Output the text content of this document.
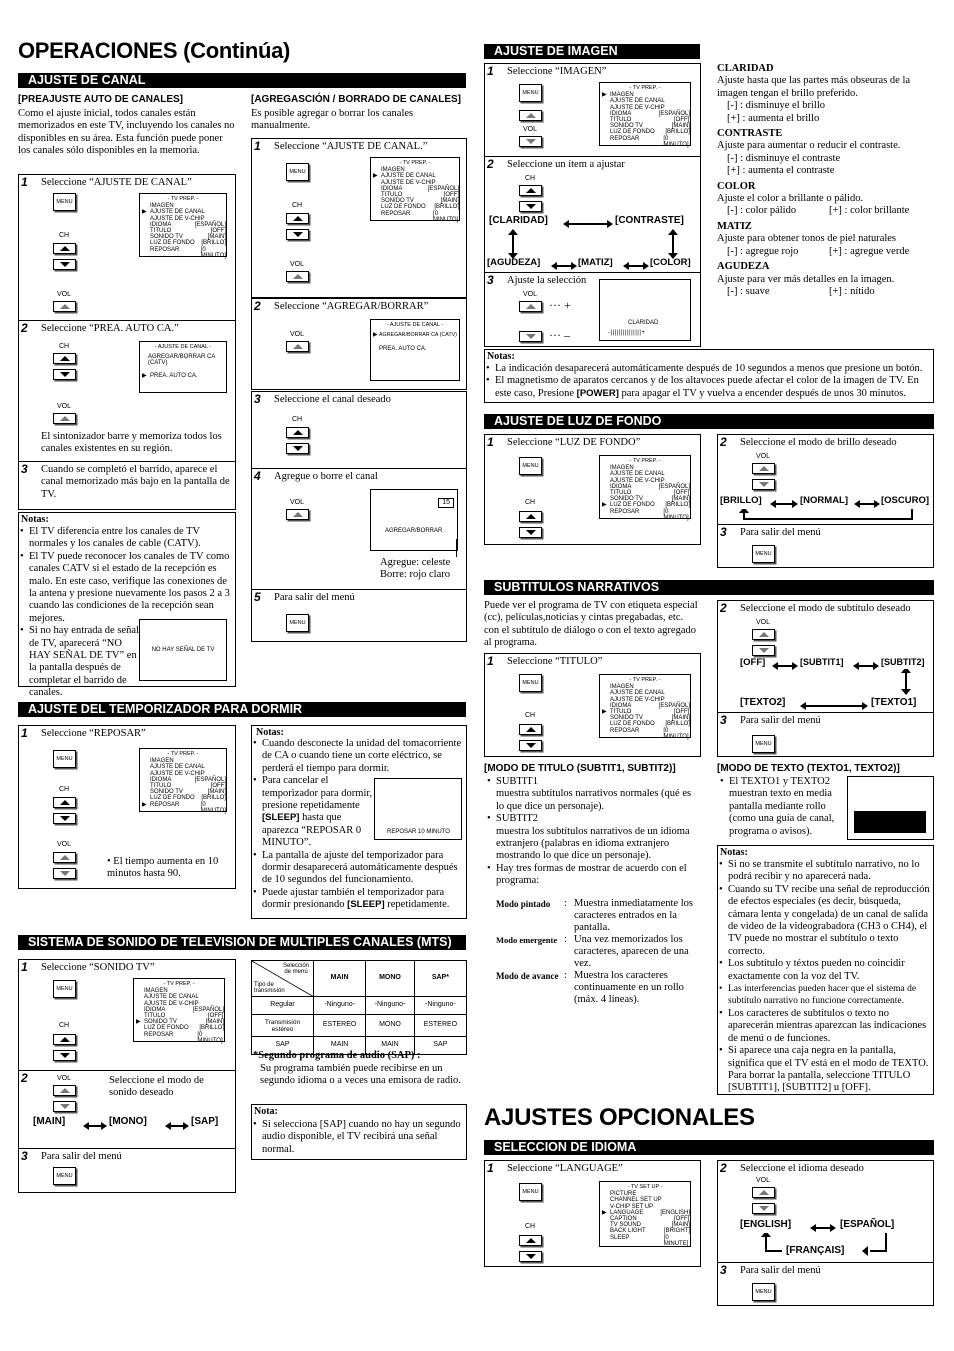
OPERACIONES (Continúa)
AJUSTES OPCIONALES
AJUSTE DE CANAL
[PREAJUSTE AUTO DE CANALES]
Como el ajuste inicial, todos canales están memorizados en este TV, incluyendo los canales no disponibles en su área. Esta función puede poner los canales sólo disponibles en la memoria.
1 Seleccione “AJUSTE DE CANAL”
MENU
CH
VOL
- TV PREP. -
IMAGEN
▶ AJUSTE DE CANAL
AJUSTE DE V-CHIP
IDIOMA	[ESPAÑOL]
TITULO	[OFF]
SONIDO TV	[MAIN]
LUZ DE FONDO	[BRILLO]
REPOSAR	[0 MINUTO]
2 Seleccione “PREA. AUTO CA.”
CH
VOL
- AJUSTE DE CANAL -
AGREGAR/BORRAR CA (CATV)
▶ PREA. AUTO CA.
El sintonizador barre y memoriza todos los canales existentes en su región.
3 Cuando se completó el barrido, aparece el canal memorizado más bajo en la pantalla de TV.
Notas:
• El TV diferencia entre los canales de TV normales y los canales de cable (CATV).
• El TV puede reconocer los canales de TV como canales CATV si el estado de la recepción es malo. En este caso, verifique las conexiones de la antena y presione nuevamente los pasos 2 a 3 cuando las condiciones de la recepción sean mejores.
• Si no hay entrada de señal de TV, aparecerá “NO HAY SEÑAL DE TV” en la pantalla después de completar el barrido de canales.
NO HAY SEÑAL DE TV
[AGREGASCIÓN / BORRADO DE CANALES]
Es posible agregar o borrar los canales manualmente.
1 Seleccione “AJUSTE DE CANAL.”
MENU
CH
VOL
- TV PREP. -
IMAGEN
▶ AJUSTE DE CANAL
AJUSTE DE V-CHIP
IDIOMA	[ESPAÑOL]
TITULO	[OFF]
SONIDO TV	[MAIN]
LUZ DE FONDO	[BRILLO]
REPOSAR	[0 MINUTO]
2 Seleccione “AGREGAR/BORRAR”
VOL
- AJUSTE DE CANAL -
▶ AGREGAR/BORRAR CA (CATV)
PREA. AUTO CA.
3 Seleccione el canal deseado
CH
4 Agregue o borre el canal
VOL	15
AGREGAR/BORRAR
Agregue: celeste
Borre: rojo claro
5 Para salir del menú
MENU
AJUSTE DEL TEMPORIZADOR PARA DORMIR
1 Seleccione “REPOSAR”
MENU
CH
VOL
- TV PREP. -
IMAGEN
AJUSTE DE CANAL
AJUSTE DE V-CHIP
IDIOMA	[ESPAÑOL]
TITULO	[OFF]
SONIDO TV	[MAIN]
LUZ DE FONDO	[BRILLO]
▶ REPOSAR	[0 MINUTO]
• El tiempo aumenta en 10 minutos hasta 90.
Notas:
• Cuando desconecte la unidad del tomacorriente de CA o cuando tiene un corte eléctrico, se perderá el tiempo para dormir.
• Para cancelar el temporizador para dormir, presione repetidamente [SLEEP] hasta que aparezca “REPOSAR 0 MINUTO”.
• La pantalla de ajuste del temporizador para dormir desaparecerá automáticamente después de 10 segundos del funcionamiento.
• Puede ajustar también el temporizador para dormir presionando [SLEEP] repetidamente.
REPOSAR 10 MINUTO
SISTEMA DE SONIDO DE TELEVISION DE MULTIPLES CANALES (MTS)
1 Seleccione “SONIDO TV”
MENU
CH
- TV PREP. -
IMAGEN
AJUSTE DE CANAL
AJUSTE DE V-CHIP
IDIOMA	[ESPAÑOL]
TITULO	[OFF]
▶ SONIDO TV	[MAIN]
LUZ DE FONDO	[BRILLO]
REPOSAR	[0 MINUTO]
2	VOL	Seleccione el modo de sonido deseado
[MAIN]	[MONO]	[SAP]
3 Para salir del menú
MENU
Selección de menú
Tipo de transmisión	MAIN	MONO	SAP*
Regular	-Ninguno-	-Ninguno-	-Ninguno-
Transmisión estéreo	ESTEREO	MONO	ESTEREO
SAP	MAIN	MAIN	SAP
*Segundo programa de audio (SAP) :
Su programa también puede recibirse en un segundo idioma o a veces una emisora de radio.
Nota:
• Si selecciona [SAP] cuando no hay un segundo audio disponible, el TV recibirá una señal normal.
AJUSTE DE IMAGEN
1 Seleccione “IMAGEN”
MENU
VOL
- TV PREP. -
▶ IMAGEN
AJUSTE DE CANAL
AJUSTE DE V-CHIP
IDIOMA	[ESPAÑOL]
TITULO	[OFF]
SONIDO TV	[MAIN]
LUZ DE FONDO	[BRILLO]
REPOSAR	[0 MINUTO]
2 Seleccione un ítem a ajustar
CH
[CLARIDAD]	[CONTRASTE]
[AGUDEZA]	[MATIZ]	[COLOR]
3 Ajuste la selección
VOL
··· +
··· –
CLARIDAD
-|||||||||||||||+
CLARIDAD
Ajuste hasta que las partes más obseuras de la imagen tengan el brillo preferido.
[-] : disminuye el brillo
[+] : aumenta el brillo
CONTRASTE
Ajuste para aumentar o reducir el contraste.
[-] : disminuye el contraste
[+] : aumenta el contraste
COLOR
Ajuste el color a brillante o pálido.
[-] : color pálido	[+] : color brillante
MATIZ
Ajuste para obtener tonos de piel naturales
[-] : agregue rojo	[+] : agregue verde
AGUDEZA
Ajuste para ver más detalles en la imagen.
[-] : suave	[+] : nítido
Notas:
• La indicación desaparecerá automáticamente después de 10 segundos a menos que presione un botón.
• El magnetismo de aparatos cercanos y de los altavoces puede afectar el color de la imagen de TV. En este caso, Presione [POWER] para apagar el TV y vuelva a encender después de unos 30 minutos.
AJUSTE DE LUZ DE FONDO
1 Seleccione “LUZ DE FONDO”
MENU
CH
- TV PREP. -
IMAGEN
AJUSTE DE CANAL
AJUSTE DE V-CHIP
IDIOMA	[ESPAÑOL]
TITULO	[OFF]
SONIDO TV	[MAIN]
▶ LUZ DE FONDO	[BRILLO]
REPOSAR	[0 MINUTO]
2 Seleccione el modo de brillo deseado
VOL
[BRILLO]	[NORMAL]	[OSCURO]
3 Para salir del menú
MENU
SUBTITULOS NARRATIVOS
Puede ver el programa de TV con etiqueta especial (cc), películas,noticias y cintas pregabadas, etc. con el subtítulo de diálogo o con el texto agregado al programa.
1 Seleccione “TITULO”
MENU
CH
- TV PREP. -
IMAGEN
AJUSTE DE CANAL
AJUSTE DE V-CHIP
IDIOMA	[ESPAÑOL]
▶ TITULO	[OFF]
SONIDO TV	[MAIN]
LUZ DE FONDO	[BRILLO]
REPOSAR	[0 MINUTO]
2 Seleccione el modo de subtítulo deseado
VOL
[OFF]	[SUBTIT1]	[SUBTIT2]
[TEXTO2]	[TEXTO1]
3 Para salir del menú
MENU
[MODO DE TITULO (SUBTIT1, SUBTIT2)]
• SUBTIT1
muestra subtítulos narrativos normales (qué es lo que dice un personaje).
• SUBTIT2
muestra los subtítulos narrativos de un idioma extranjero (palabras en idioma extranjero mostrando lo que dice un personaje).
• Hay tres formas de mostrar de acuerdo con el programa:
Modo pintado : Muestra inmediatamente los caracteres entrados en la pantalla.
Modo emergente : Una vez memorizados los caracteres, aparecen de una vez.
Modo de avance : Muestra los caracteres continuamente en un rollo (máx. 4 líneas).
[MODO DE TEXTO (TEXTO1, TEXTO2)]
• El TEXTO1 y TEXTO2 muestran texto en media pantalla mediante rollo (como una guía de canal, programa o avisos).
Notas:
• Si no se transmite el subtítulo narrativo, no lo podrá recibir y no aparecerá nada.
• Cuando su TV recibe una señal de reproducción de efectos especiales (es decir, búsqueda, cámara lenta y congelada) de un canal de salida de video de la videograbadora (CH3 o CH4), el TV puede no mostrar el subtítulo o texto correcto.
• Los subtítulo y téxtos pueden no coincidir exactamente con la voz del TV.
• Las interferencias pueden hacer que el sistema de subtítulo narrativo no funcione correctamente.
• Los caracteres de subtítulos o texto no aparecerán mientras aparezcan las indicaciones de menú o de funciones.
• Si aparece una caja negra en la pantalla, significa que el TV está en el modo de TEXTO. Para borrar la pantalla, seleccione TITULO [SUBTIT1], [SUBTIT2] u [OFF].
SELECCION DE IDIOMA
1 Seleccione “LANGUAGE”
MENU
CH
- TV SET UP -
PICTURE
CHANNEL SET UP
V-CHIP SET UP
▶ LANGUAGE	[ENGLISH]
CAPTION	[OFF]
TV SOUND	[MAIN]
BACK LIGHT	[BRIGHT]
SLEEP	[0 MINUTE]
2 Seleccione el idioma deseado
VOL
[ENGLISH]	[ESPAÑOL]
[FRANÇAIS]
3 Para salir del menú
MENU
